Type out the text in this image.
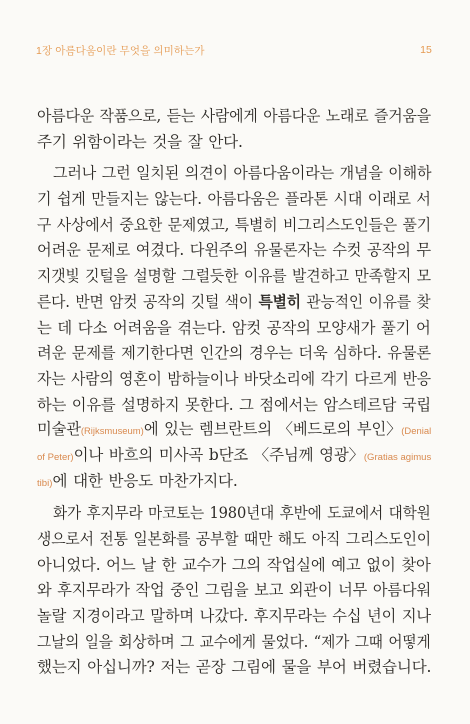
1장 아름다움이란 무엇을 의미하는가	15
아름다운 작품으로, 듣는 사람에게 아름다운 노래로 즐거움을
주기 위함이라는 것을 잘 안다.
그러나 그런 일치된 의견이 아름다움이라는 개념을 이해하
기 쉽게 만들지는 않는다. 아름다움은 플라톤 시대 이래로 서
구 사상에서 중요한 문제였고, 특별히 비그리스도인들은 풀기
어려운 문제로 여겼다. 다윈주의 유물론자는 수컷 공작의 무
지갯빛 깃털을 설명할 그럴듯한 이유를 발견하고 만족할지 모
른다. 반면 암컷 공작의 깃털 색이 특별히 관능적인 이유를 찾
는 데 다소 어려움을 겪는다. 암컷 공작의 모양새가 풀기 어
려운 문제를 제기한다면 인간의 경우는 더욱 심하다. 유물론
자는 사람의 영혼이 밤하늘이나 바닷소리에 각기 다르게 반응
하는 이유를 설명하지 못한다. 그 점에서는 암스테르담 국립
미술관(Rijksmuseum)에 있는 렘브란트의 〈베드로의 부인〉(Denial
of Peter)이나 바흐의 미사곡 b단조 〈주님께 영광〉(Gratias agimus
tibi)에 대한 반응도 마찬가지다.
화가 후지무라 마코토는 1980년대 후반에 도쿄에서 대학원
생으로서 전통 일본화를 공부할 때만 해도 아직 그리스도인이
아니었다. 어느 날 한 교수가 그의 작업실에 예고 없이 찾아
와 후지무라가 작업 중인 그림을 보고 외관이 너무 아름다워
놀랄 지경이라고 말하며 나갔다. 후지무라는 수십 년이 지나
그날의 일을 회상하며 그 교수에게 물었다. “제가 그때 어떻게
했는지 아십니까? 저는 곧장 그림에 물을 부어 버렸습니다.
